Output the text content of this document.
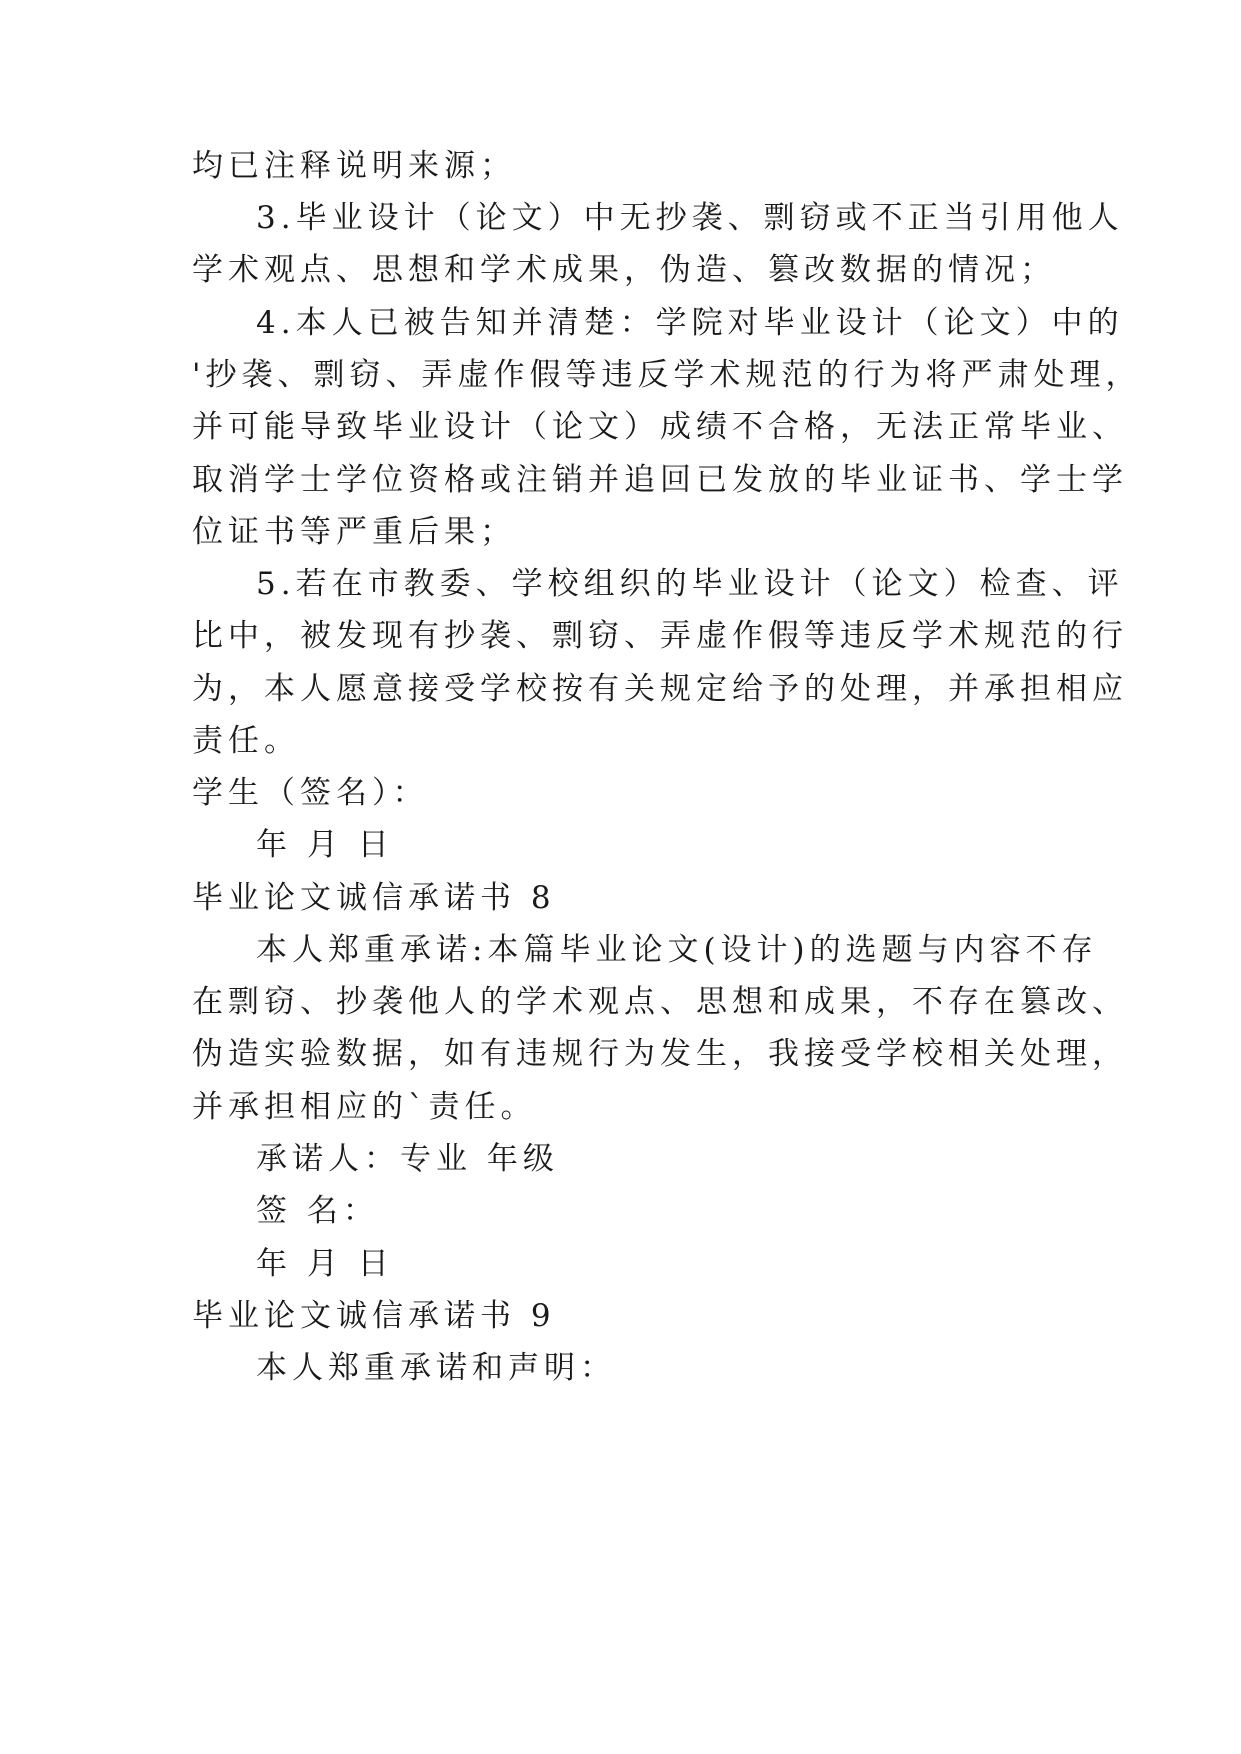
均已注释说明来源；
3.毕业设计（论文）中无抄袭、剽窃或不正当引用他人
学术观点、思想和学术成果，伪造、篡改数据的情况；
4.本人已被告知并清楚：学院对毕业设计（论文）中的
'抄袭、剽窃、弄虚作假等违反学术规范的行为将严肃处理，
并可能导致毕业设计（论文）成绩不合格，无法正常毕业、
取消学士学位资格或注销并追回已发放的毕业证书、学士学
位证书等严重后果；
5.若在市教委、学校组织的毕业设计（论文）检查、评
比中，被发现有抄袭、剽窃、弄虚作假等违反学术规范的行
为，本人愿意接受学校按有关规定给予的处理，并承担相应
责任。
学生（签名）：
年 月 日
毕业论文诚信承诺书 8
本人郑重承诺:本篇毕业论文(设计)的选题与内容不存
在剽窃、抄袭他人的学术观点、思想和成果，不存在篡改、
伪造实验数据，如有违规行为发生，我接受学校相关处理，
并承担相应的`责任。
承诺人：专业 年级
签 名：
年 月 日
毕业论文诚信承诺书 9
本人郑重承诺和声明：
